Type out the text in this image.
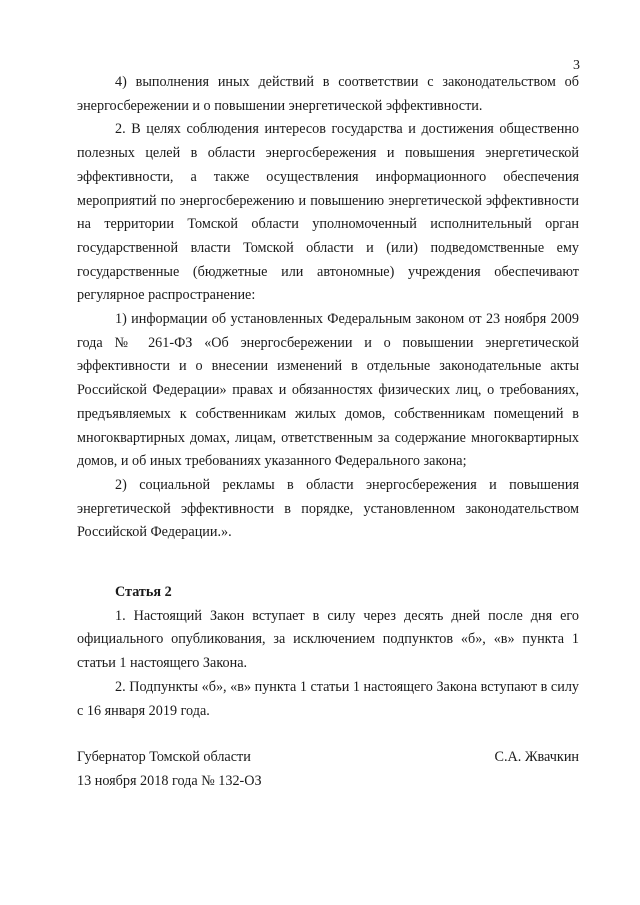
3

4) выполнения иных действий в соответствии с законодательством об энергосбережении и о повышении энергетической эффективности.

2. В целях соблюдения интересов государства и достижения общественно полезных целей в области энергосбережения и повышения энергетической эффективности, а также осуществления информационного обеспечения мероприятий по энергосбережению и повышению энергетической эффективности на территории Томской области уполномоченный исполнительный орган государственной власти Томской области и (или) подведомственные ему государственные (бюджетные или автономные) учреждения обеспечивают регулярное распространение:

1) информации об установленных Федеральным законом от 23 ноября 2009 года № 261-ФЗ «Об энергосбережении и о повышении энергетической эффективности и о внесении изменений в отдельные законодательные акты Российской Федерации» правах и обязанностях физических лиц, о требованиях, предъявляемых к собственникам жилых домов, собственникам помещений в многоквартирных домах, лицам, ответственным за содержание многоквартирных домов, и об иных требованиях указанного Федерального закона;

2) социальной рекламы в области энергосбережения и повышения энергетической эффективности в порядке, установленном законодательством Российской Федерации.».

Статья 2

1. Настоящий Закон вступает в силу через десять дней после дня его официального опубликования, за исключением подпунктов «б», «в» пункта 1 статьи 1 настоящего Закона.

2. Подпункты «б», «в» пункта 1 статьи 1 настоящего Закона вступают в силу с 16 января 2019 года.

Губернатор Томской области	С.А. Жвачкин
13 ноября 2018 года № 132-ОЗ
